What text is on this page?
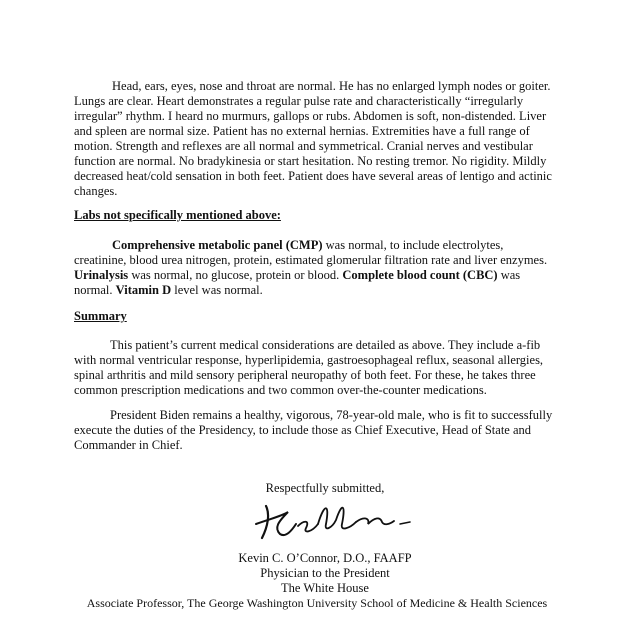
Head, ears, eyes, nose and throat are normal. He has no enlarged lymph nodes or goiter. Lungs are clear. Heart demonstrates a regular pulse rate and characteristically “irregularly irregular” rhythm. I heard no murmurs, gallops or rubs. Abdomen is soft, non-distended. Liver and spleen are normal size. Patient has no external hernias. Extremities have a full range of motion. Strength and reflexes are all normal and symmetrical. Cranial nerves and vestibular function are normal. No bradykinesia or start hesitation. No resting tremor. No rigidity. Mildly decreased heat/cold sensation in both feet. Patient does have several areas of lentigo and actinic changes.

Labs not specifically mentioned above:

Comprehensive metabolic panel (CMP) was normal, to include electrolytes, creatinine, blood urea nitrogen, protein, estimated glomerular filtration rate and liver enzymes. Urinalysis was normal, no glucose, protein or blood. Complete blood count (CBC) was normal. Vitamin D level was normal.

Summary

This patient’s current medical considerations are detailed as above. They include a-fib with normal ventricular response, hyperlipidemia, gastroesophageal reflux, seasonal allergies, spinal arthritis and mild sensory peripheral neuropathy of both feet. For these, he takes three common prescription medications and two common over-the-counter medications.

President Biden remains a healthy, vigorous, 78-year-old male, who is fit to successfully execute the duties of the Presidency, to include those as Chief Executive, Head of State and Commander in Chief.

Respectfully submitted,

Kevin C. O’Connor, D.O., FAAFP

Physician to the President

The White House

Associate Professor, The George Washington University School of Medicine & Health Sciences
